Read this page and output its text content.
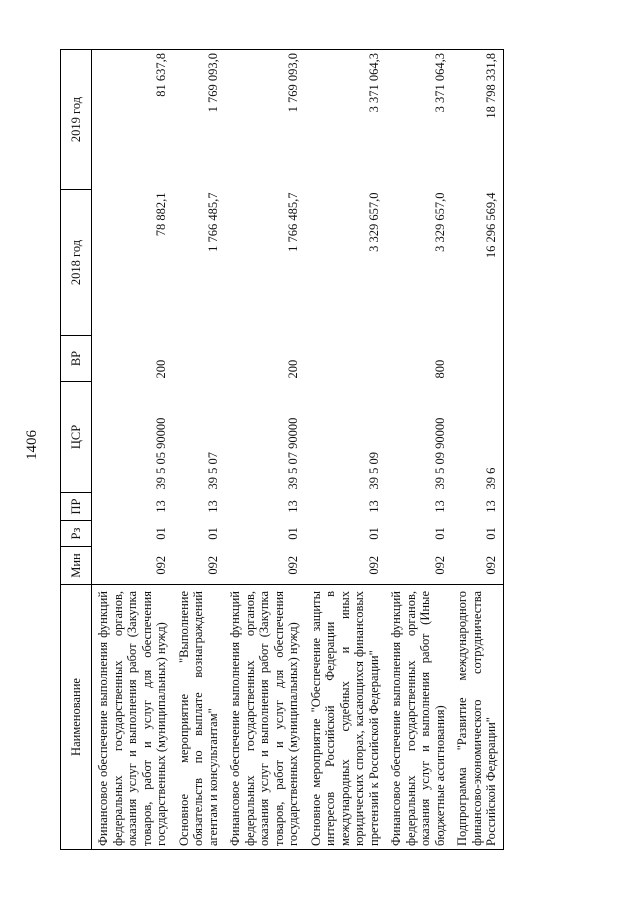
1406
Наименование	Мин	Рз	ПР	ЦСР	ВР	2018 год	2019 год
Финансовое обеспечение выполнения функций федеральных государственных органов, оказания услуг и выполнения работ (Закупка товаров, работ и услуг для обеспечения государственных (муниципальных) нужд)	092	01	13	39 5 05 90000	200	78 882,1	81 637,8
Основное мероприятие "Выполнение обязательств по выплате вознаграждений агентам и консультантам"	092	01	13	39 5 07		1 766 485,7	1 769 093,0
Финансовое обеспечение выполнения функций федеральных государственных органов, оказания услуг и выполнения работ (Закупка товаров, работ и услуг для обеспечения государственных (муниципальных) нужд)	092	01	13	39 5 07 90000	200	1 766 485,7	1 769 093,0
Основное мероприятие "Обеспечение защиты интересов Российской Федерации в международных судебных и иных юридических спорах, касающихся финансовых претензий к Российской Федерации"	092	01	13	39 5 09		3 329 657,0	3 371 064,3
Финансовое обеспечение выполнения функций федеральных государственных органов, оказания услуг и выполнения работ (Иные бюджетные ассигнования)	092	01	13	39 5 09 90000	800	3 329 657,0	3 371 064,3
Подпрограмма "Развитие международного финансово-экономического сотрудничества Российской Федерации"	092	01	13	39 6		16 296 569,4	18 798 331,8
